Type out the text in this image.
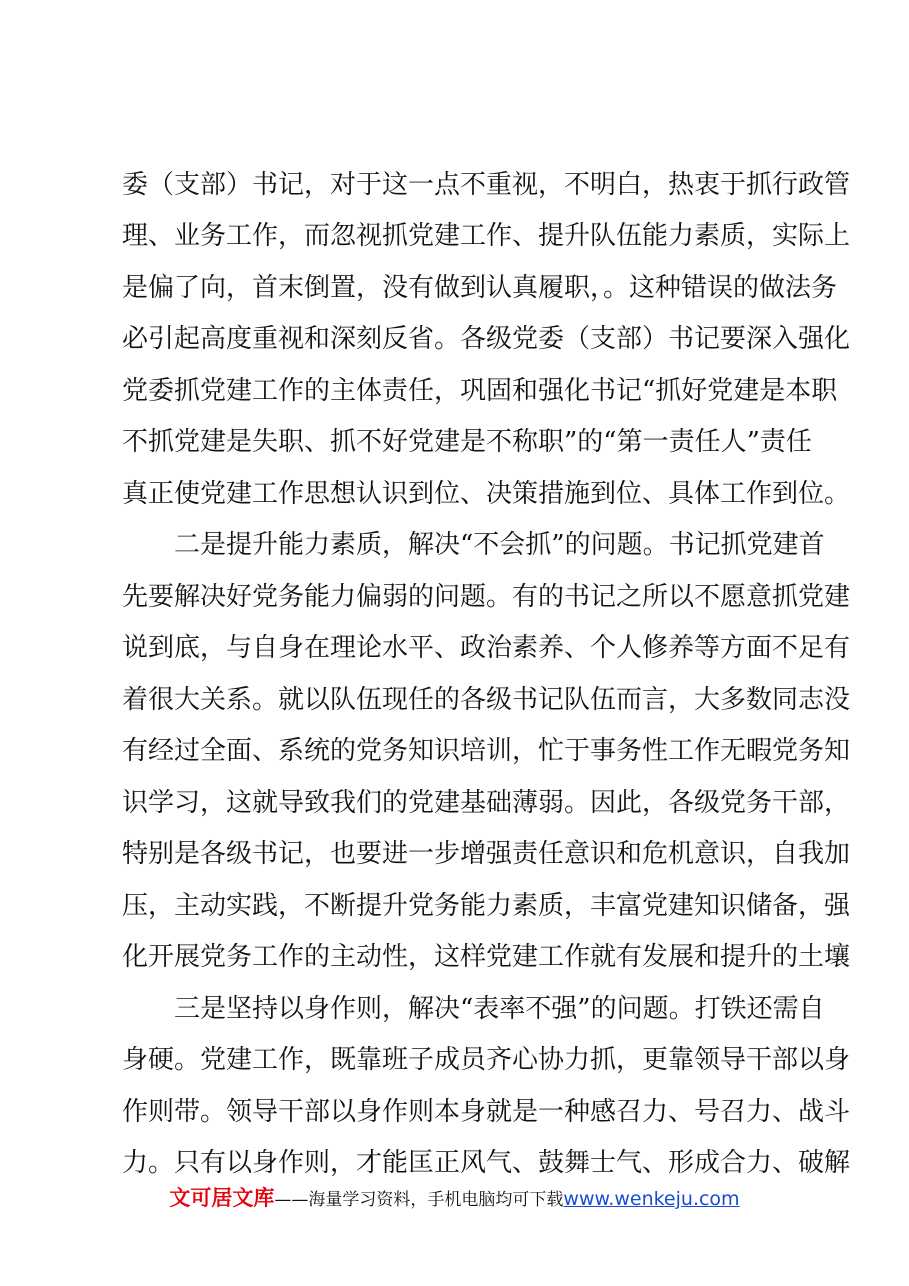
委（支部）书记，对于这一点不重视，不明白，热衷于抓行政管
理、业务工作，而忽视抓党建工作、提升队伍能力素质，实际上
是偏了向，首末倒置，没有做到认真履职，。这种错误的做法务
必引起高度重视和深刻反省。各级党委（支部）书记要深入强化
党委抓党建工作的主体责任，巩固和强化书记“抓好党建是本职
不抓党建是失职、抓不好党建是不称职”的“第一责任人”责任
真正使党建工作思想认识到位、决策措施到位、具体工作到位。
二是提升能力素质，解决“不会抓”的问题。书记抓党建首
先要解决好党务能力偏弱的问题。有的书记之所以不愿意抓党建
说到底，与自身在理论水平、政治素养、个人修养等方面不足有
着很大关系。就以队伍现任的各级书记队伍而言，大多数同志没
有经过全面、系统的党务知识培训，忙于事务性工作无暇党务知
识学习，这就导致我们的党建基础薄弱。因此，各级党务干部，
特别是各级书记，也要进一步增强责任意识和危机意识，自我加
压，主动实践，不断提升党务能力素质，丰富党建知识储备，强
化开展党务工作的主动性，这样党建工作就有发展和提升的土壤
三是坚持以身作则，解决“表率不强”的问题。打铁还需自
身硬。党建工作，既靠班子成员齐心协力抓，更靠领导干部以身
作则带。领导干部以身作则本身就是一种感召力、号召力、战斗
力。只有以身作则，才能匡正风气、鼓舞士气、形成合力、破解
文可居文库——海量学习资料，手机电脑均可下载www.wenkeju.com
